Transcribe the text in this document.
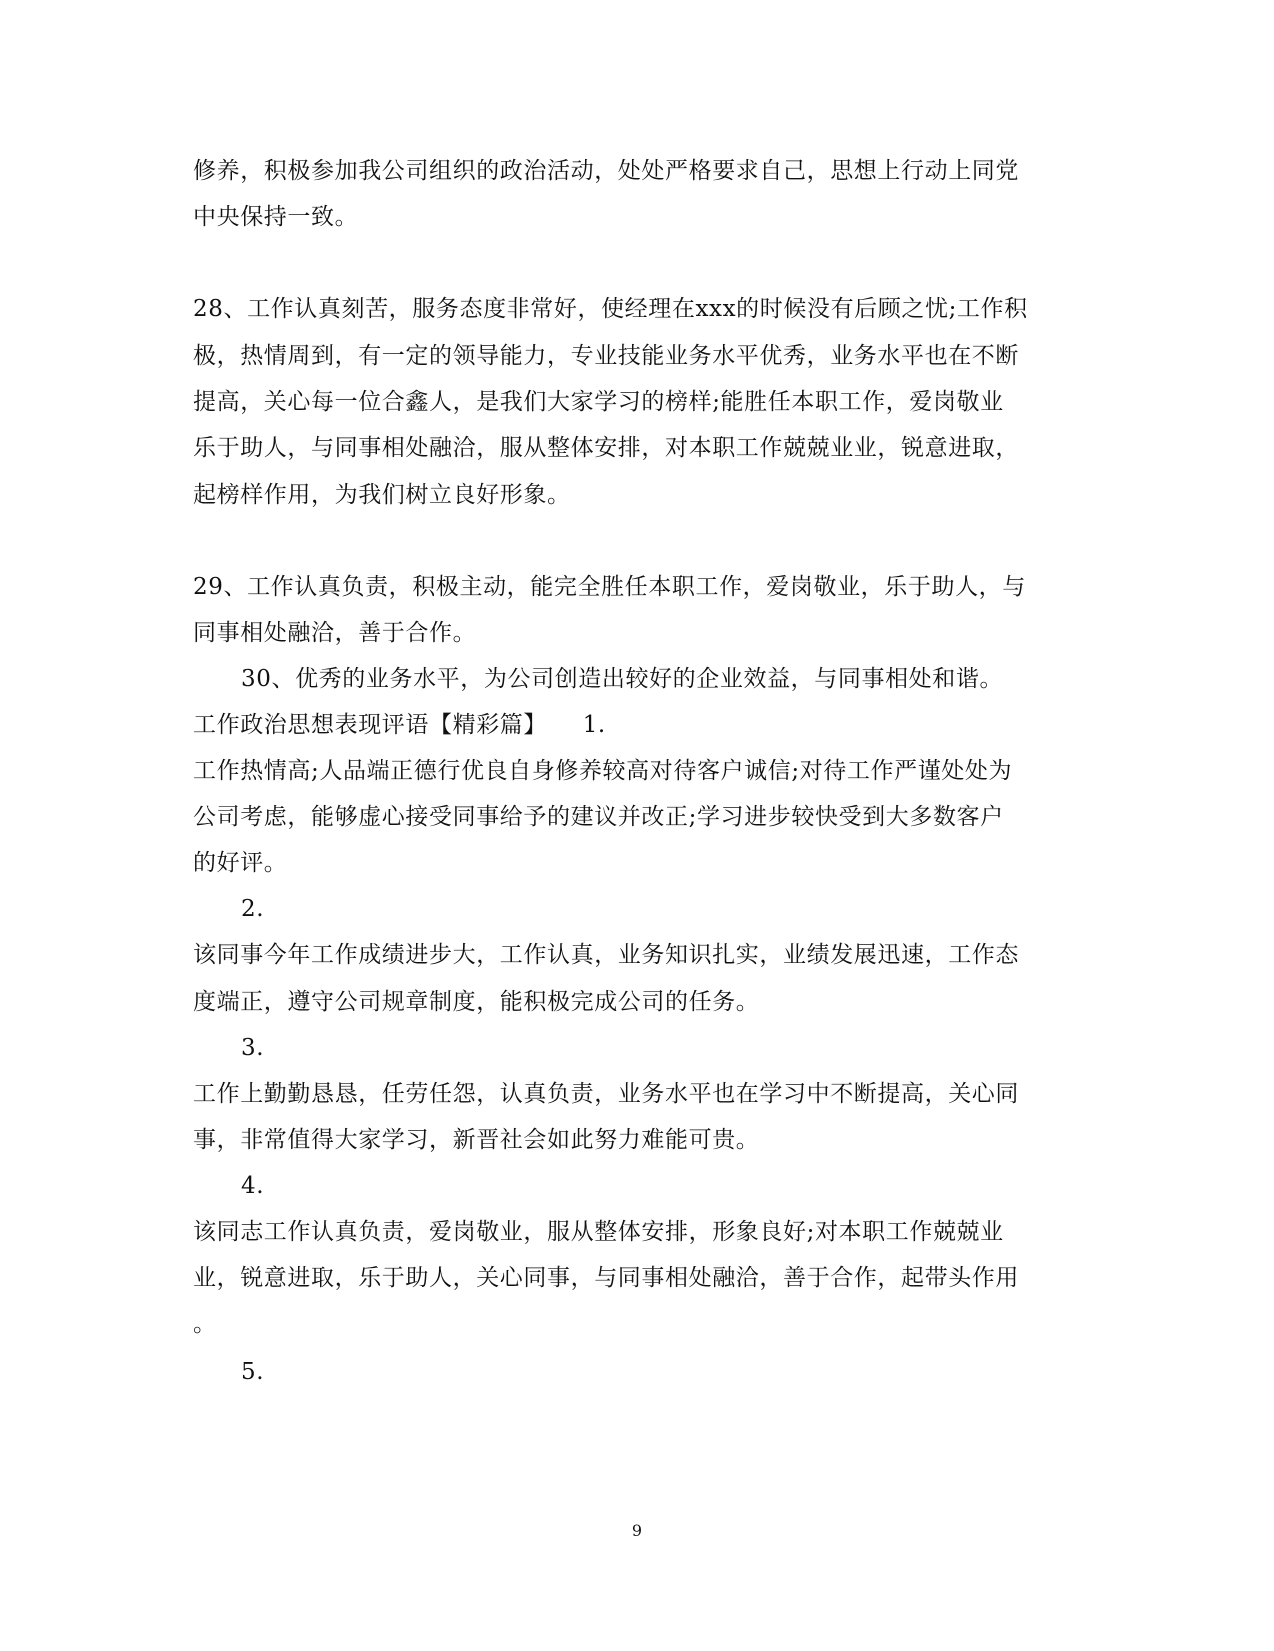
修养，积极参加我公司组织的政治活动，处处严格要求自己，思想上行动上同党
中央保持一致。
28、工作认真刻苦，服务态度非常好，使经理在xxx的时候没有后顾之忧;工作积
极，热情周到，有一定的领导能力，专业技能业务水平优秀，业务水平也在不断
提高，关心每一位合鑫人，是我们大家学习的榜样;能胜任本职工作，爱岗敬业
乐于助人，与同事相处融洽，服从整体安排，对本职工作兢兢业业，锐意进取，
起榜样作用，为我们树立良好形象。
29、工作认真负责，积极主动，能完全胜任本职工作，爱岗敬业，乐于助人，与
同事相处融洽，善于合作。
30、优秀的业务水平，为公司创造出较好的企业效益，与同事相处和谐。
工作政治思想表现评语【精彩篇】　　1.
工作热情高;人品端正德行优良自身修养较高对待客户诚信;对待工作严谨处处为
公司考虑，能够虚心接受同事给予的建议并改正;学习进步较快受到大多数客户
的好评。
2.
该同事今年工作成绩进步大，工作认真，业务知识扎实，业绩发展迅速，工作态
度端正，遵守公司规章制度，能积极完成公司的任务。
3.
工作上勤勤恳恳，任劳任怨，认真负责，业务水平也在学习中不断提高，关心同
事，非常值得大家学习，新晋社会如此努力难能可贵。
4.
该同志工作认真负责，爱岗敬业，服从整体安排，形象良好;对本职工作兢兢业
业，锐意进取，乐于助人，关心同事，与同事相处融洽，善于合作，起带头作用
。
5.
9
